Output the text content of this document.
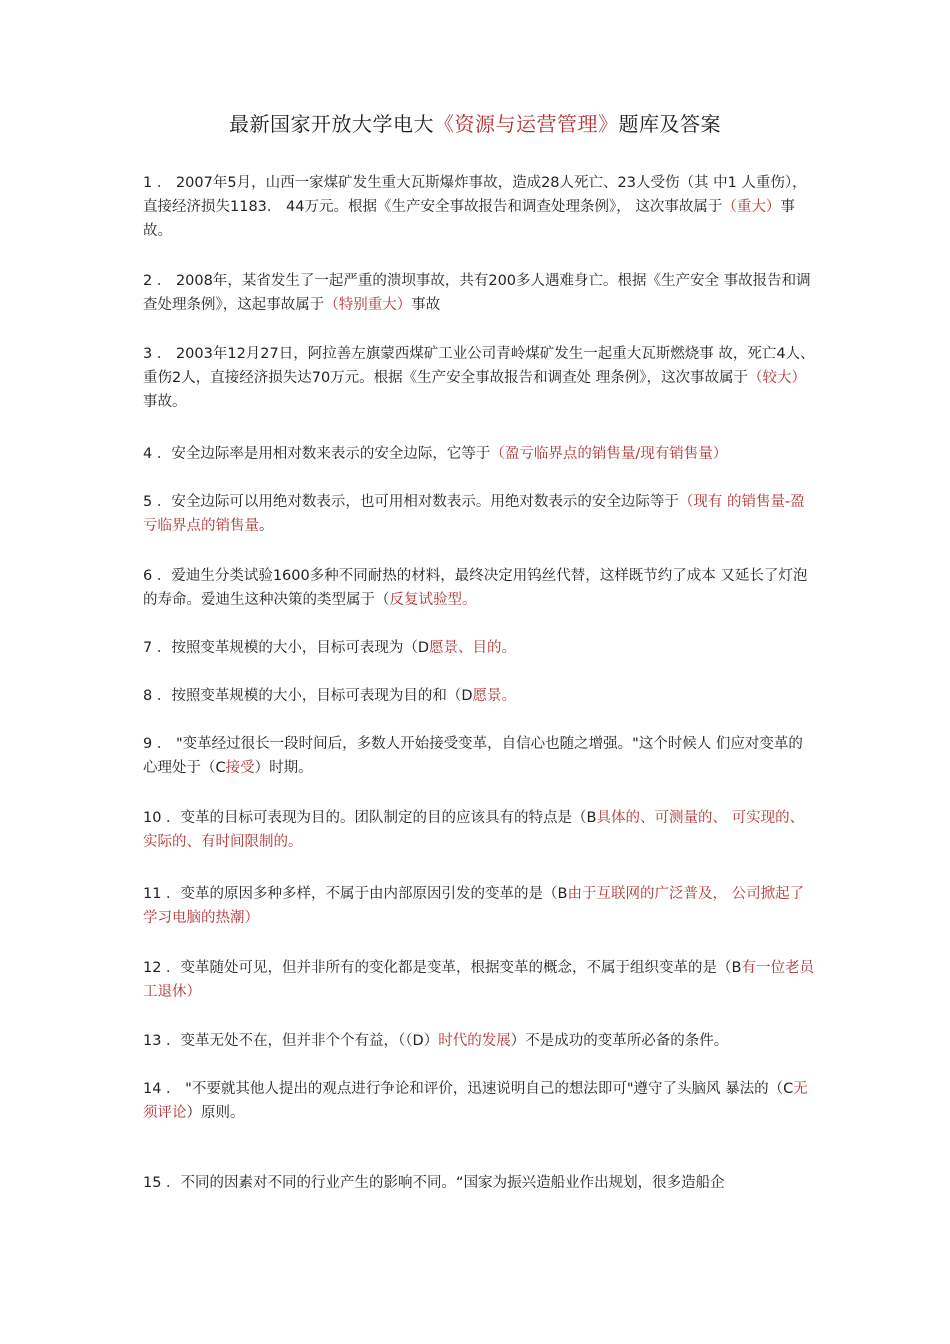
最新国家开放大学电大《资源与运营管理》题库及答案

1 ． 2007年5月，山西一家煤矿发生重大瓦斯爆炸事故，造成28人死亡、23人受伤（其 中1 人重伤），直接经济损失1183． 44万元。根据《生产安全事故报告和调查处理条例》， 这次事故属于（重大）事故。

2 ． 2008年，某省发生了一起严重的溃坝事故，共有200多人遇难身亡。根据《生产安全 事故报告和调查处理条例》，这起事故属于（特别重大）事故

3 ． 2003年12月27日，阿拉善左旗蒙西煤矿工业公司青岭煤矿发生一起重大瓦斯燃烧事 故，死亡4人、重伤2人，直接经济损失达70万元。根据《生产安全事故报告和调查处 理条例》，这次事故属于（较大）事故。

4 ．安全边际率是用相对数来表示的安全边际，它等于（盈亏临界点的销售量/现有销售量）

5 ．安全边际可以用绝对数表示，也可用相对数表示。用绝对数表示的安全边际等于（现有 的销售量-盈亏临界点的销售量。

6 ．爱迪生分类试验1600多种不同耐热的材料，最终决定用钨丝代替，这样既节约了成本 又延长了灯泡的寿命。爱迪生这种决策的类型属于（反复试验型。

7 ．按照变革规模的大小，目标可表现为（D愿景、目的。

8 ．按照变革规模的大小，目标可表现为目的和（D愿景。

9 ． "变革经过很长一段时间后，多数人开始接受变革，自信心也随之增强。"这个时候人 们应对变革的心理处于（C接受）时期。

10 ．变革的目标可表现为目的。团队制定的目的应该具有的特点是（B具体的、可测量的、 可实现的、实际的、有时间限制的。

11 ．变革的原因多种多样，不属于由内部原因引发的变革的是（B由于互联网的广泛普及， 公司掀起了学习电脑的热潮）

12 ．变革随处可见，但并非所有的变化都是变革，根据变革的概念，不属于组织变革的是（B有一位老员工退休）

13 ．变革无处不在，但并非个个有益，（（D）时代的发展）不是成功的变革所必备的条件。

14 ． "不要就其他人提出的观点进行争论和评价，迅速说明自己的想法即可"遵守了头脑风 暴法的（C无须评论）原则。

15 ．不同的因素对不同的行业产生的影响不同。“国家为振兴造船业作出规划，很多造船企
